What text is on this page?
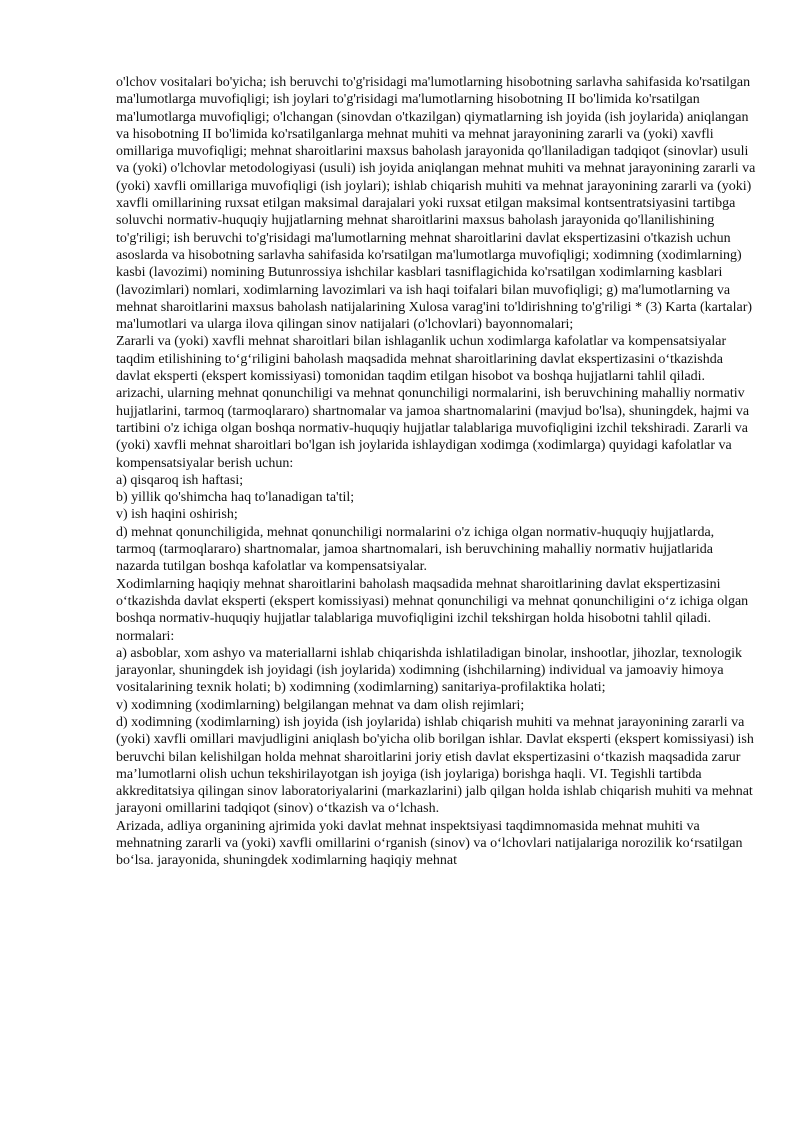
o'lchov vositalari bo'yicha; ish beruvchi to'g'risidagi ma'lumotlarning hisobotning sarlavha sahifasida ko'rsatilgan ma'lumotlarga muvofiqligi; ish joylari to'g'risidagi ma'lumotlarning hisobotning II bo'limida ko'rsatilgan ma'lumotlarga muvofiqligi; o'lchangan (sinovdan o'tkazilgan) qiymatlarning ish joyida (ish joylarida) aniqlangan va hisobotning II bo'limida ko'rsatilganlarga mehnat muhiti va mehnat jarayonining zararli va (yoki) xavfli omillariga muvofiqligi; mehnat sharoitlarini maxsus baholash jarayonida qo'llaniladigan tadqiqot (sinovlar) usuli va (yoki) o'lchovlar metodologiyasi (usuli) ish joyida aniqlangan mehnat muhiti va mehnat jarayonining zararli va (yoki) xavfli omillariga muvofiqligi (ish joylari); ishlab chiqarish muhiti va mehnat jarayonining zararli va (yoki) xavfli omillarining ruxsat etilgan maksimal darajalari yoki ruxsat etilgan maksimal kontsentratsiyasini tartibga soluvchi normativ-huquqiy hujjatlarning mehnat sharoitlarini maxsus baholash jarayonida qo'llanilishining to'g'riligi; ish beruvchi to'g'risidagi ma'lumotlarning mehnat sharoitlarini davlat ekspertizasini o'tkazish uchun asoslarda va hisobotning sarlavha sahifasida ko'rsatilgan ma'lumotlarga muvofiqligi; xodimning (xodimlarning) kasbi (lavozimi) nomining Butunrossiya ishchilar kasblari tasniflagichida ko'rsatilgan xodimlarning kasblari (lavozimlari) nomlari, xodimlarning lavozimlari va ish haqi toifalari bilan muvofiqligi; g) ma'lumotlarning va mehnat sharoitlarini maxsus baholash natijalarining Xulosa varag'ini to'ldirishning to'g'riligi * (3) Karta (kartalar) ma'lumotlari va ularga ilova qilingan sinov natijalari (o'lchovlari) bayonnomalari;

Zararli va (yoki) xavfli mehnat sharoitlari bilan ishlaganlik uchun xodimlarga kafolatlar va kompensatsiyalar taqdim etilishining to‘g‘riligini baholash maqsadida mehnat sharoitlarining davlat ekspertizasini o‘tkazishda davlat eksperti (ekspert komissiyasi) tomonidan taqdim etilgan hisobot va boshqa hujjatlarni tahlil qiladi. arizachi, ularning mehnat qonunchiligi va mehnat qonunchiligi normalarini, ish beruvchining mahalliy normativ hujjatlarini, tarmoq (tarmoqlararo) shartnomalar va jamoa shartnomalarini (mavjud bo'lsa), shuningdek, hajmi va tartibini o'z ichiga olgan boshqa normativ-huquqiy hujjatlar talablariga muvofiqligini izchil tekshiradi. Zararli va (yoki) xavfli mehnat sharoitlari bo'lgan ish joylarida ishlaydigan xodimga (xodimlarga) quyidagi kafolatlar va kompensatsiyalar berish uchun:

a) qisqaroq ish haftasi;

b) yillik qo'shimcha haq to'lanadigan ta'til;

v) ish haqini oshirish;

d) mehnat qonunchiligida, mehnat qonunchiligi normalarini o'z ichiga olgan normativ-huquqiy hujjatlarda, tarmoq (tarmoqlararo) shartnomalar, jamoa shartnomalari, ish beruvchining mahalliy normativ hujjatlarida nazarda tutilgan boshqa kafolatlar va kompensatsiyalar.

Xodimlarning haqiqiy mehnat sharoitlarini baholash maqsadida mehnat sharoitlarining davlat ekspertizasini o‘tkazishda davlat eksperti (ekspert komissiyasi) mehnat qonunchiligi va mehnat qonunchiligini o‘z ichiga olgan boshqa normativ-huquqiy hujjatlar talablariga muvofiqligini izchil tekshirgan holda hisobotni tahlil qiladi. normalari:

a) asboblar, xom ashyo va materiallarni ishlab chiqarishda ishlatiladigan binolar, inshootlar, jihozlar, texnologik jarayonlar, shuningdek ish joyidagi (ish joylarida) xodimning (ishchilarning) individual va jamoaviy himoya vositalarining texnik holati; b) xodimning (xodimlarning) sanitariya-profilaktika holati;

v) xodimning (xodimlarning) belgilangan mehnat va dam olish rejimlari;

d) xodimning (xodimlarning) ish joyida (ish joylarida) ishlab chiqarish muhiti va mehnat jarayonining zararli va (yoki) xavfli omillari mavjudligini aniqlash bo'yicha olib borilgan ishlar. Davlat eksperti (ekspert komissiyasi) ish beruvchi bilan kelishilgan holda mehnat sharoitlarini joriy etish davlat ekspertizasini o‘tkazish maqsadida zarur ma’lumotlarni olish uchun tekshirilayotgan ish joyiga (ish joylariga) borishga haqli. VI. Tegishli tartibda akkreditatsiya qilingan sinov laboratoriyalarini (markazlarini) jalb qilgan holda ishlab chiqarish muhiti va mehnat jarayoni omillarini tadqiqot (sinov) o‘tkazish va o‘lchash.

Arizada, adliya organining ajrimida yoki davlat mehnat inspektsiyasi taqdimnomasida mehnat muhiti va mehnatning zararli va (yoki) xavfli omillarini o‘rganish (sinov) va o‘lchovlari natijalariga norozilik ko‘rsatilgan bo‘lsa. jarayonida, shuningdek xodimlarning haqiqiy mehnat
